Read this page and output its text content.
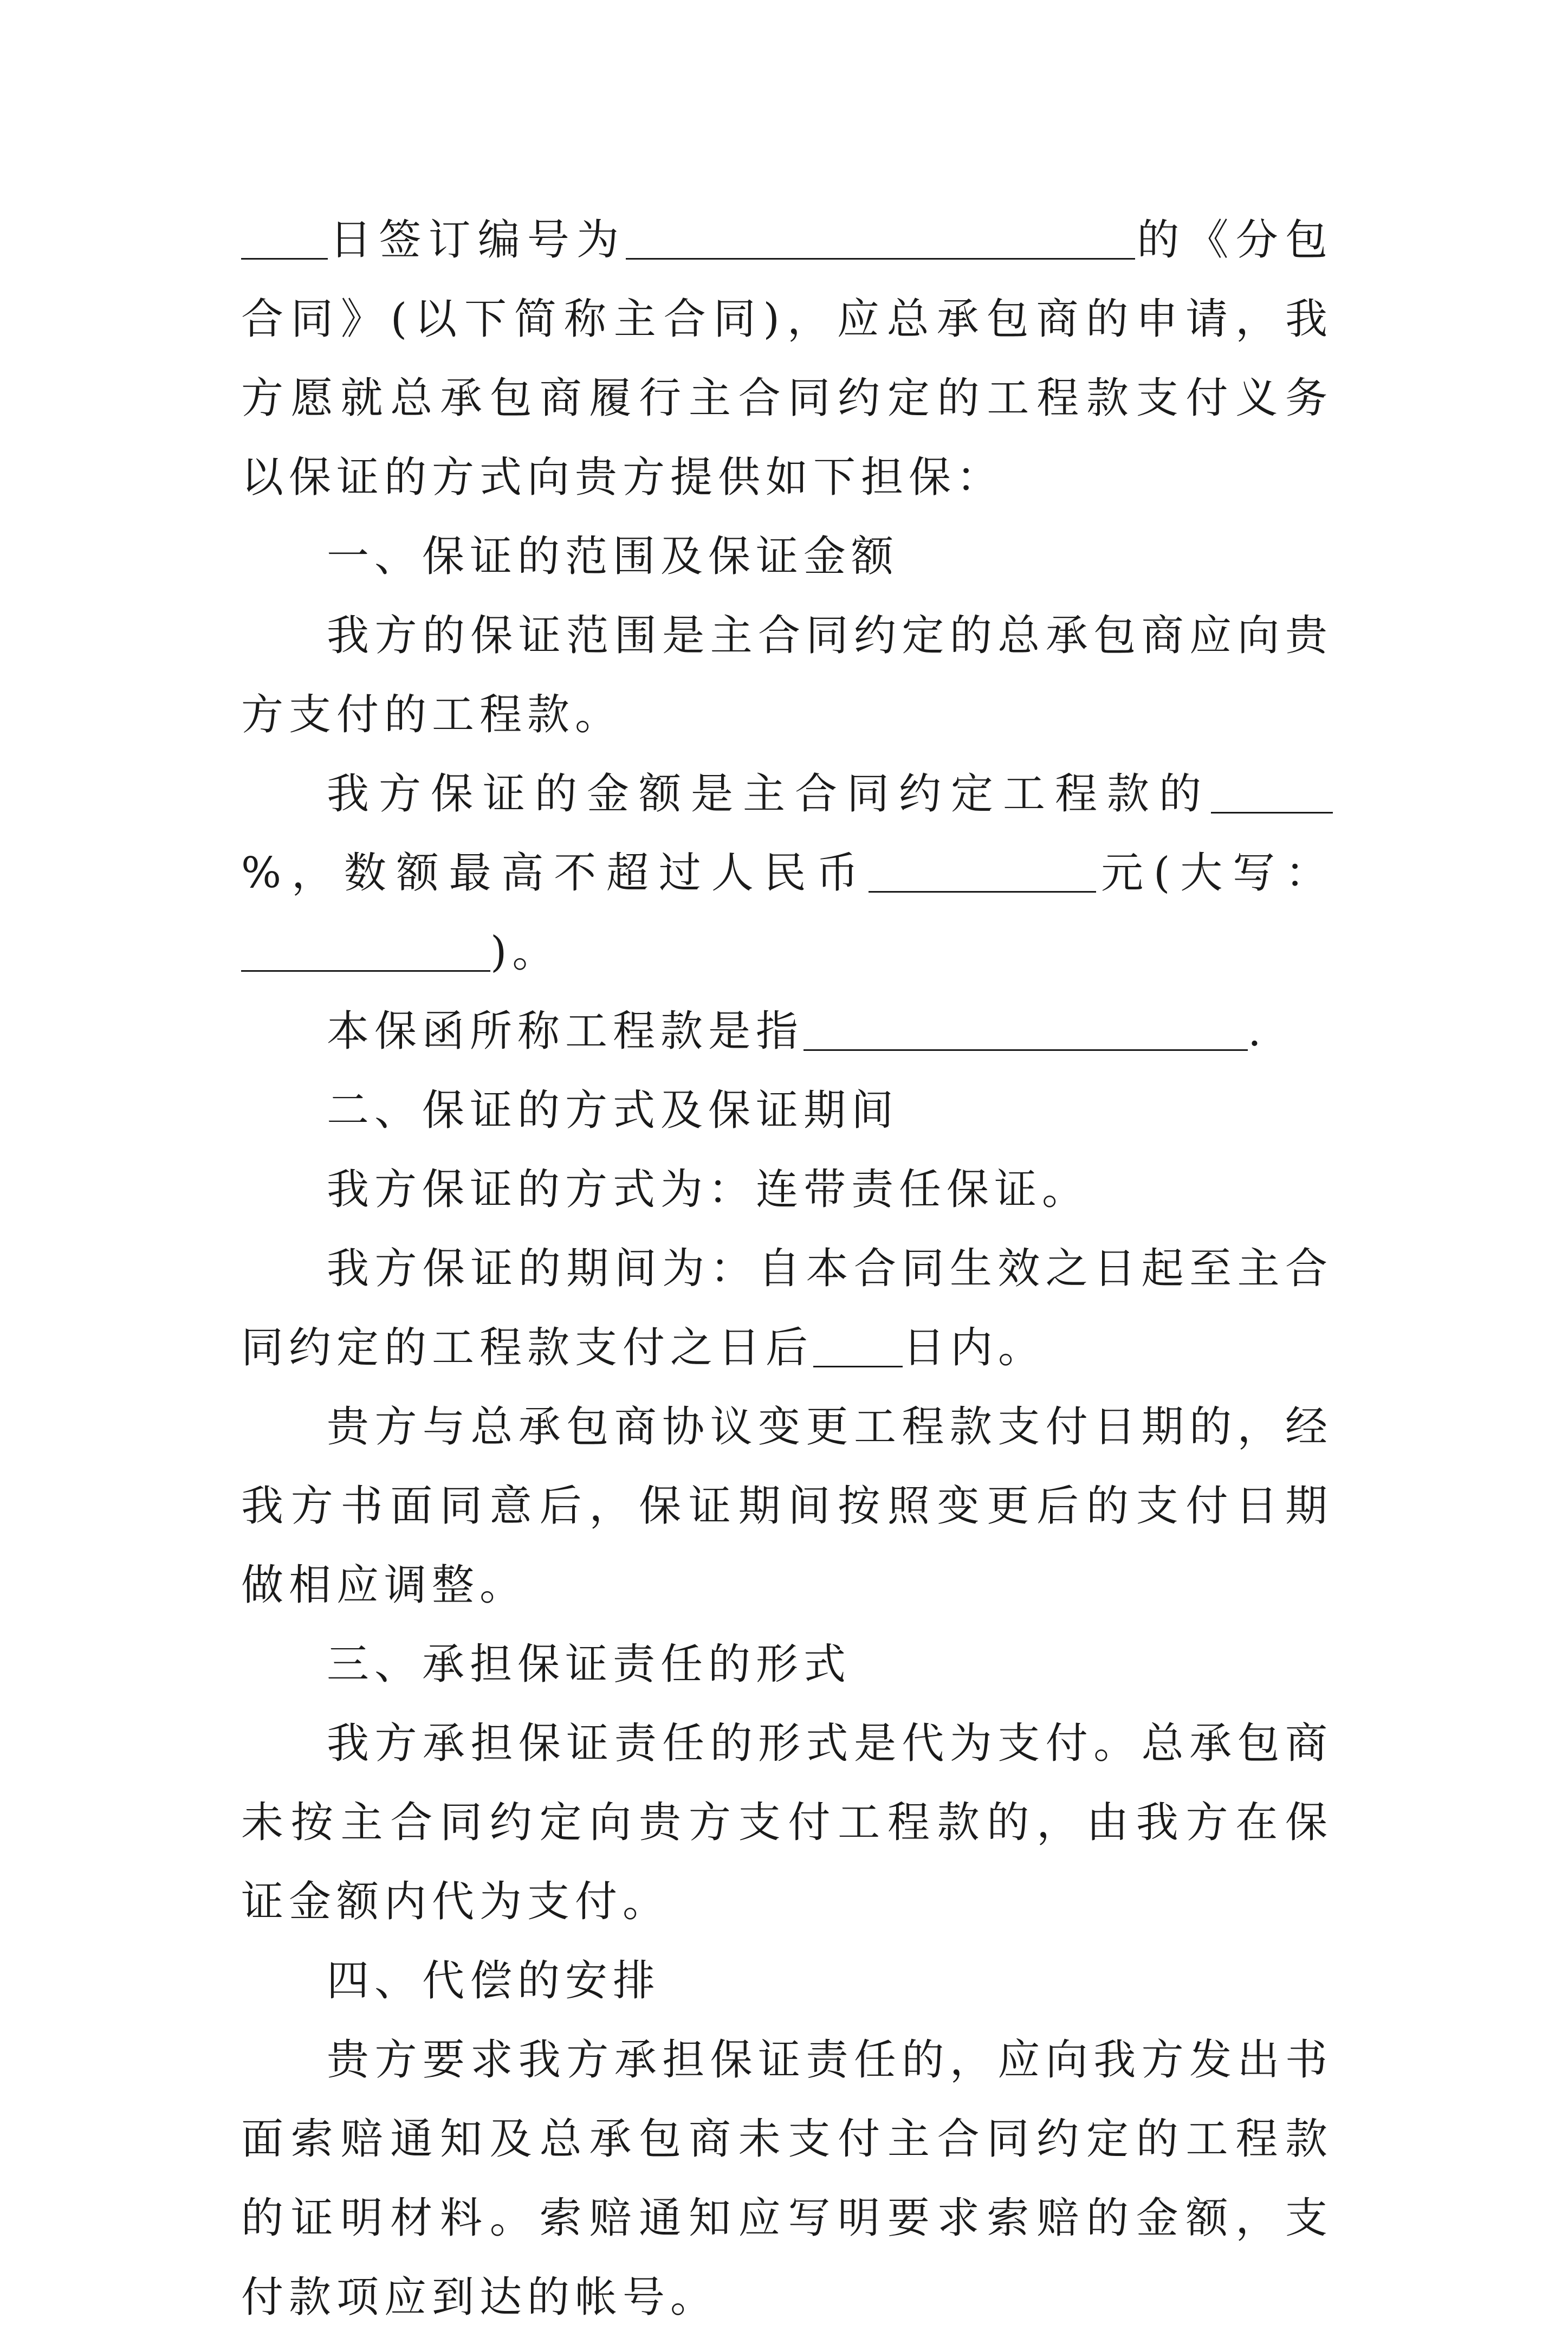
日签订编号为	的《分包合同》(以下简称主合同)，应总承包商的申请，我方愿就总承包商履行主合同约定的工程款支付义务以保证的方式向贵方提供如下担保：

一、保证的范围及保证金额

我方的保证范围是主合同约定的总承包商应向贵方支付的工程款。

我方保证的金额是主合同约定工程款的%，数额最高不超过人民币	元(大写：)。

本保函所称工程款是指	.

二、保证的方式及保证期间

我方保证的方式为：连带责任保证。

我方保证的期间为：自本合同生效之日起至主合同约定的工程款支付之日后 日内。

贵方与总承包商协议变更工程款支付日期的，经我方书面同意后，保证期间按照变更后的支付日期做相应调整。

三、承担保证责任的形式

我方承担保证责任的形式是代为支付。总承包商未按主合同约定向贵方支付工程款的，由我方在保证金额内代为支付。

四、代偿的安排

贵方要求我方承担保证责任的，应向我方发出书面索赔通知及总承包商未支付主合同约定的工程款的证明材料。索赔通知应写明要求索赔的金额，支付款项应到达的帐号。
